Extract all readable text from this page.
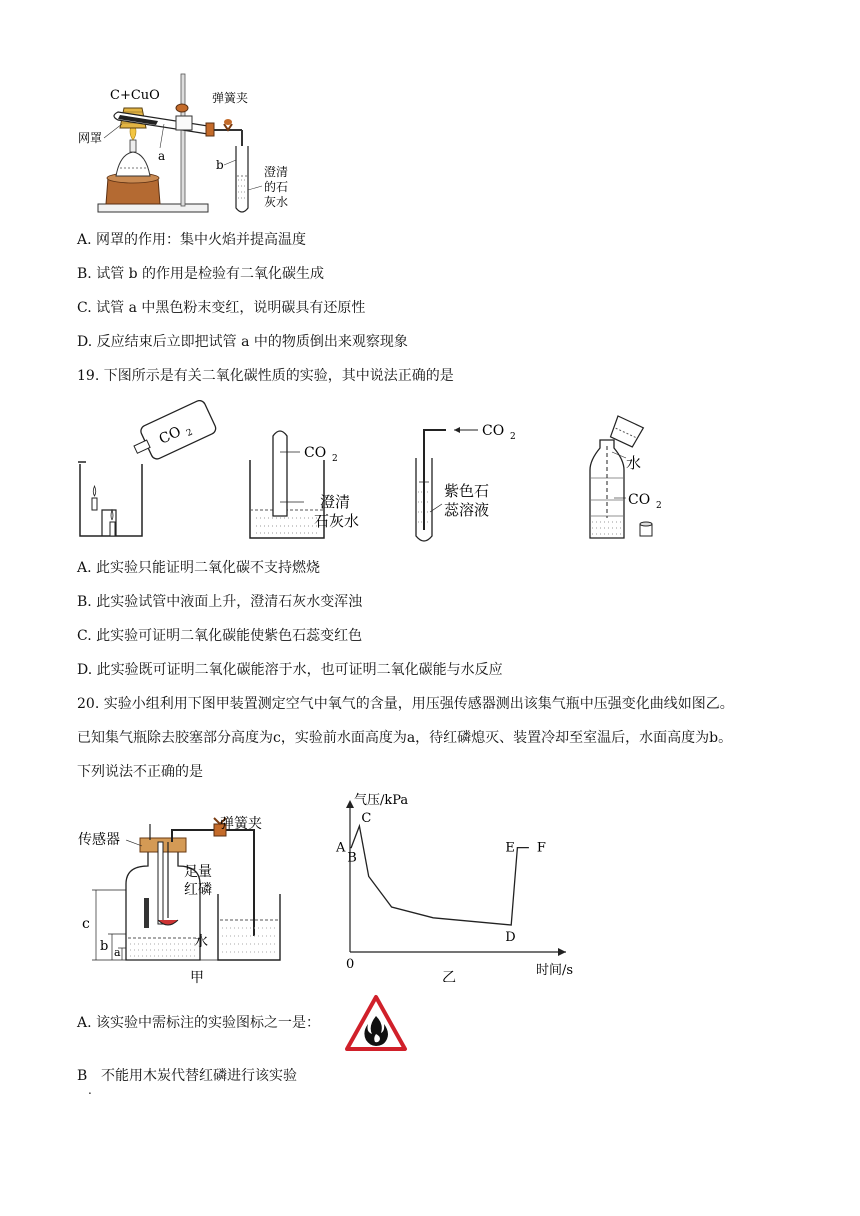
C+CuO	弹簧夹
网罩
a
b	澄清
的石
灰水
A. 网罩的作用：集中火焰并提高温度
B. 试管 b 的作用是检验有二氧化碳生成
C. 试管 a 中黑色粉末变红，说明碳具有还原性
D. 反应结束后立即把试管 a 中的物质倒出来观察现象
19. 下图所示是有关二氧化碳性质的实验，其中说法正确的是
CO 2
CO 2
澄清
石灰水
CO 2
紫色石
蕊溶液
水
CO 2
A. 此实验只能证明二氧化碳不支持燃烧
B. 此实验试管中液面上升，澄清石灰水变浑浊
C. 此实验可证明二氧化碳能使紫色石蕊变红色
D. 此实验既可证明二氧化碳能溶于水，也可证明二氧化碳能与水反应
20. 实验小组利用下图甲装置测定空气中氧气的含量，用压强传感器测出该集气瓶中压强变化曲线如图乙。
已知集气瓶除去胶塞部分高度为c，实验前水面高度为a，待红磷熄灭、装置冷却至室温后，水面高度为b。
下列说法不正确的是
c
b a
传感器
弹簧夹
足量
红磷
水
甲
气压/kPa
时间/s
0
乙
A
B
C
D
E F
A. 该实验中需标注的实验图标之一是：
B 不能用木炭代替红磷进行该实验
.
